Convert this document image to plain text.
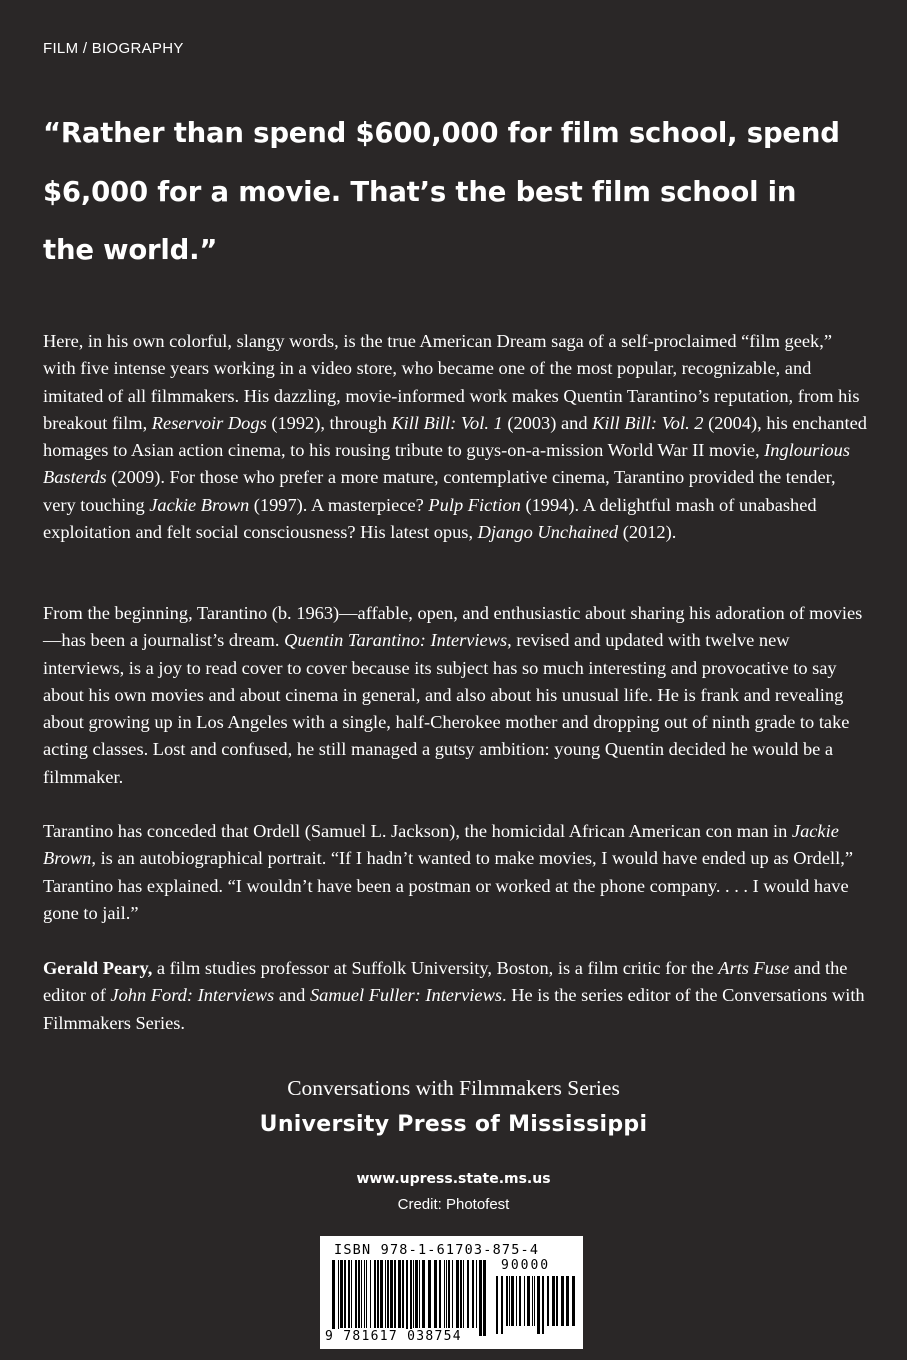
FILM / BIOGRAPHY
“Rather than spend $600,000 for film school, spend
$6,000 for a movie. That’s the best film school in
the world.”

Here, in his own colorful, slangy words, is the true American Dream saga of a self-proclaimed “film geek,” with five intense years working in a video store, who became one of the most popular, recognizable, and imitated of all filmmakers. His dazzling, movie-informed work makes Quentin Tarantino’s reputation, from his breakout film, Reservoir Dogs (1992), through Kill Bill: Vol. 1 (2003) and Kill Bill: Vol. 2 (2004), his enchanted homages to Asian action cinema, to his rousing tribute to guys-on-a-mission World War II movie, Inglourious Basterds (2009). For those who prefer a more mature, contemplative cinema, Tarantino provided the tender, very touching Jackie Brown (1997). A masterpiece? Pulp Fiction (1994). A delightful mash of unabashed exploitation and felt social consciousness? His latest opus, Django Unchained (2012).

From the beginning, Tarantino (b. 1963)—affable, open, and enthusiastic about sharing his adoration of movies—has been a journalist’s dream. Quentin Tarantino: Interviews, revised and updated with twelve new interviews, is a joy to read cover to cover because its subject has so much interesting and provocative to say about his own movies and about cinema in general, and also about his unusual life. He is frank and revealing about growing up in Los Angeles with a single, half-Cherokee mother and dropping out of ninth grade to take acting classes. Lost and confused, he still managed a gutsy ambition: young Quentin decided he would be a filmmaker.

Tarantino has conceded that Ordell (Samuel L. Jackson), the homicidal African American con man in Jackie Brown, is an autobiographical portrait. “If I hadn’t wanted to make movies, I would have ended up as Ordell,” Tarantino has explained. “I wouldn’t have been a postman or worked at the phone company. . . . I would have gone to jail.”

Gerald Peary, a film studies professor at Suffolk University, Boston, is a film critic for the Arts Fuse and the editor of John Ford: Interviews and Samuel Fuller: Interviews. He is the series editor of the Conversations with Filmmakers Series.

Conversations with Filmmakers Series
University Press of Mississippi
www.upress.state.ms.us
Credit: Photofest
ISBN 978-1-61703-875-4
90000
9 781617 038754
